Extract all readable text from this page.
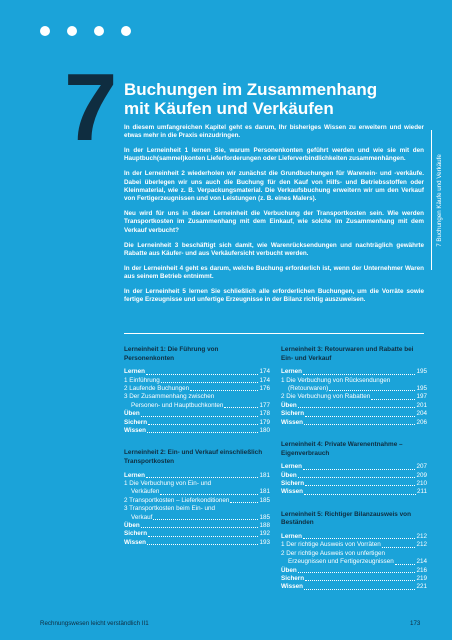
7 Buchungen im Zusammenhang
mit Käufen und Verkäufen

In diesem umfangreichen Kapitel geht es darum, Ihr bisheriges Wissen zu erweitern und wieder etwas mehr in die Praxis einzudringen.

In der Lerneinheit 1 lernen Sie, warum Personenkonten geführt werden und wie sie mit den Hauptbuch(sammel)konten Lieferforderungen oder Lieferverbindlichkeiten zusammenhängen.

In der Lerneinheit 2 wiederholen wir zunächst die Grundbuchungen für Warenein- und -verkäufe. Dabei überlegen wir uns auch die Buchung für den Kauf von Hilfs- und Betriebsstoffen oder Kleinmaterial, wie z. B. Verpackungsmaterial. Die Verkaufsbuchung erweitern wir um den Verkauf von Fertigerzeugnissen und von Leistungen (z. B. eines Malers).

Neu wird für uns in dieser Lerneinheit die Verbuchung der Transportkosten sein. Wie werden Transportkosten im Zusammenhang mit dem Einkauf, wie solche im Zusammenhang mit dem Verkauf verbucht?

Die Lerneinheit 3 beschäftigt sich damit, wie Warenrücksendungen und nachträglich gewährte Rabatte aus Käufer- und aus Verkäufersicht verbucht werden.

In der Lerneinheit 4 geht es darum, welche Buchung erforderlich ist, wenn der Unternehmer Waren aus seinem Betrieb entnimmt.

In der Lerneinheit 5 lernen Sie schließlich alle erforderlichen Buchungen, um die Vorräte sowie fertige Erzeugnisse und unfertige Erzeugnisse in der Bilanz richtig auszuweisen.

7 Buchungen Käufe und Verkäufe
Lerneinheit 1: Die Führung von Personenkonten
Lernen	174
1 Einführung	174
2 Laufende Buchungen	176
3 Der Zusammenhang zwischen
Personen- und Hauptbuchkonten	177
Üben	178
Sichern	179
Wissen	180
Lerneinheit 2: Ein- und Verkauf einschließlich Transportkosten
Lernen	181
1 Die Verbuchung von Ein- und
Verkäufen	181
2 Transportkosten – Lieferkonditionen	185
3 Transportkosten beim Ein- und
Verkauf	185
Üben	188
Sichern	192
Wissen	193
Lerneinheit 3: Retourwaren und Rabatte bei Ein- und Verkauf
Lernen	195
1 Die Verbuchung von Rücksendungen
(Retourwaren)	195
2 Die Verbuchung von Rabatten	197
Üben	201
Sichern	204
Wissen	206
Lerneinheit 4: Private Warenentnahme – Eigenverbrauch
Lernen	207
Üben	209
Sichern	210
Wissen	211
Lerneinheit 5: Richtiger Bilanzausweis von Beständen
Lernen	212
1 Der richtige Ausweis von Vorräten	212
2 Der richtige Ausweis von unfertigen
Erzeugnissen und Fertigerzeugnissen	214
Üben	216
Sichern	219
Wissen	221
Rechnungswesen leicht verständlich II1	173
